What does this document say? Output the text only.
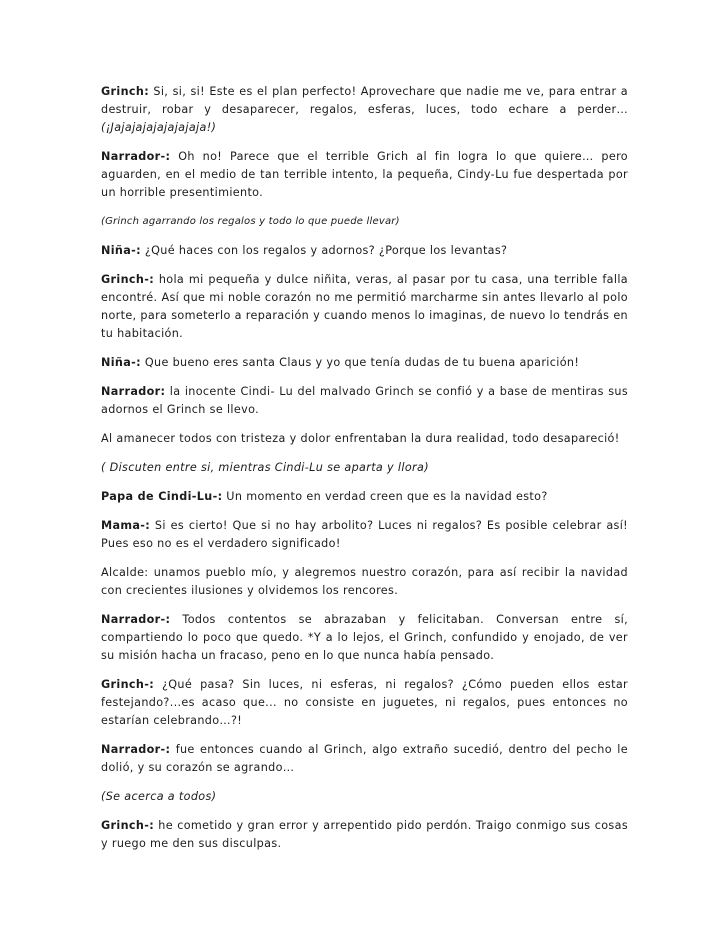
Grinch: Si, si, si! Este es el plan perfecto! Aprovechare que nadie me ve, para entrar a destruir, robar y desaparecer, regalos, esferas, luces, todo echare a perder… (¡Jajajajajajajajaja!)

Narrador-: Oh no! Parece que el terrible Grich al fin logra lo que quiere… pero aguarden, en el medio de tan terrible intento, la pequeña, Cindy-Lu fue despertada por un horrible presentimiento.

(Grinch agarrando los regalos y todo lo que puede llevar)

Niña-: ¿Qué haces con los regalos y adornos? ¿Porque los levantas?

Grinch-: hola mi pequeña y dulce niñita, veras, al pasar por tu casa, una terrible falla encontré. Así que mi noble corazón no me permitió marcharme sin antes llevarlo al polo norte, para someterlo a reparación y cuando menos lo imaginas, de nuevo lo tendrás en tu habitación.

Niña-: Que bueno eres santa Claus y yo que tenía dudas de tu buena aparición!

Narrador: la inocente Cindi- Lu del malvado Grinch se confió y a base de mentiras sus adornos el Grinch se llevo.

Al amanecer todos con tristeza y dolor enfrentaban la dura realidad, todo desapareció!

( Discuten entre si, mientras Cindi-Lu se aparta y llora)

Papa de Cindi-Lu-: Un momento en verdad creen que es la navidad esto?

Mama-: Si es cierto! Que si no hay arbolito? Luces ni regalos? Es posible celebrar así! Pues eso no es el verdadero significado!

Alcalde: unamos pueblo mío, y alegremos nuestro corazón, para así recibir la navidad con crecientes ilusiones y olvidemos los rencores.

Narrador-: Todos contentos se abrazaban y felicitaban. Conversan entre sí, compartiendo lo poco que quedo. *Y a lo lejos, el Grinch, confundido y enojado, de ver su misión hacha un fracaso, peno en lo que nunca había pensado.

Grinch-: ¿Qué pasa? Sin luces, ni esferas, ni regalos? ¿Cómo pueden ellos estar festejando?...es acaso que... no consiste en juguetes, ni regalos, pues entonces no estarían celebrando…?!

Narrador-: fue entonces cuando al Grinch, algo extraño sucedió, dentro del pecho le dolió, y su corazón se agrando…

(Se acerca a todos)

Grinch-: he cometido y gran error y arrepentido pido perdón. Traigo conmigo sus cosas y ruego me den sus disculpas.
